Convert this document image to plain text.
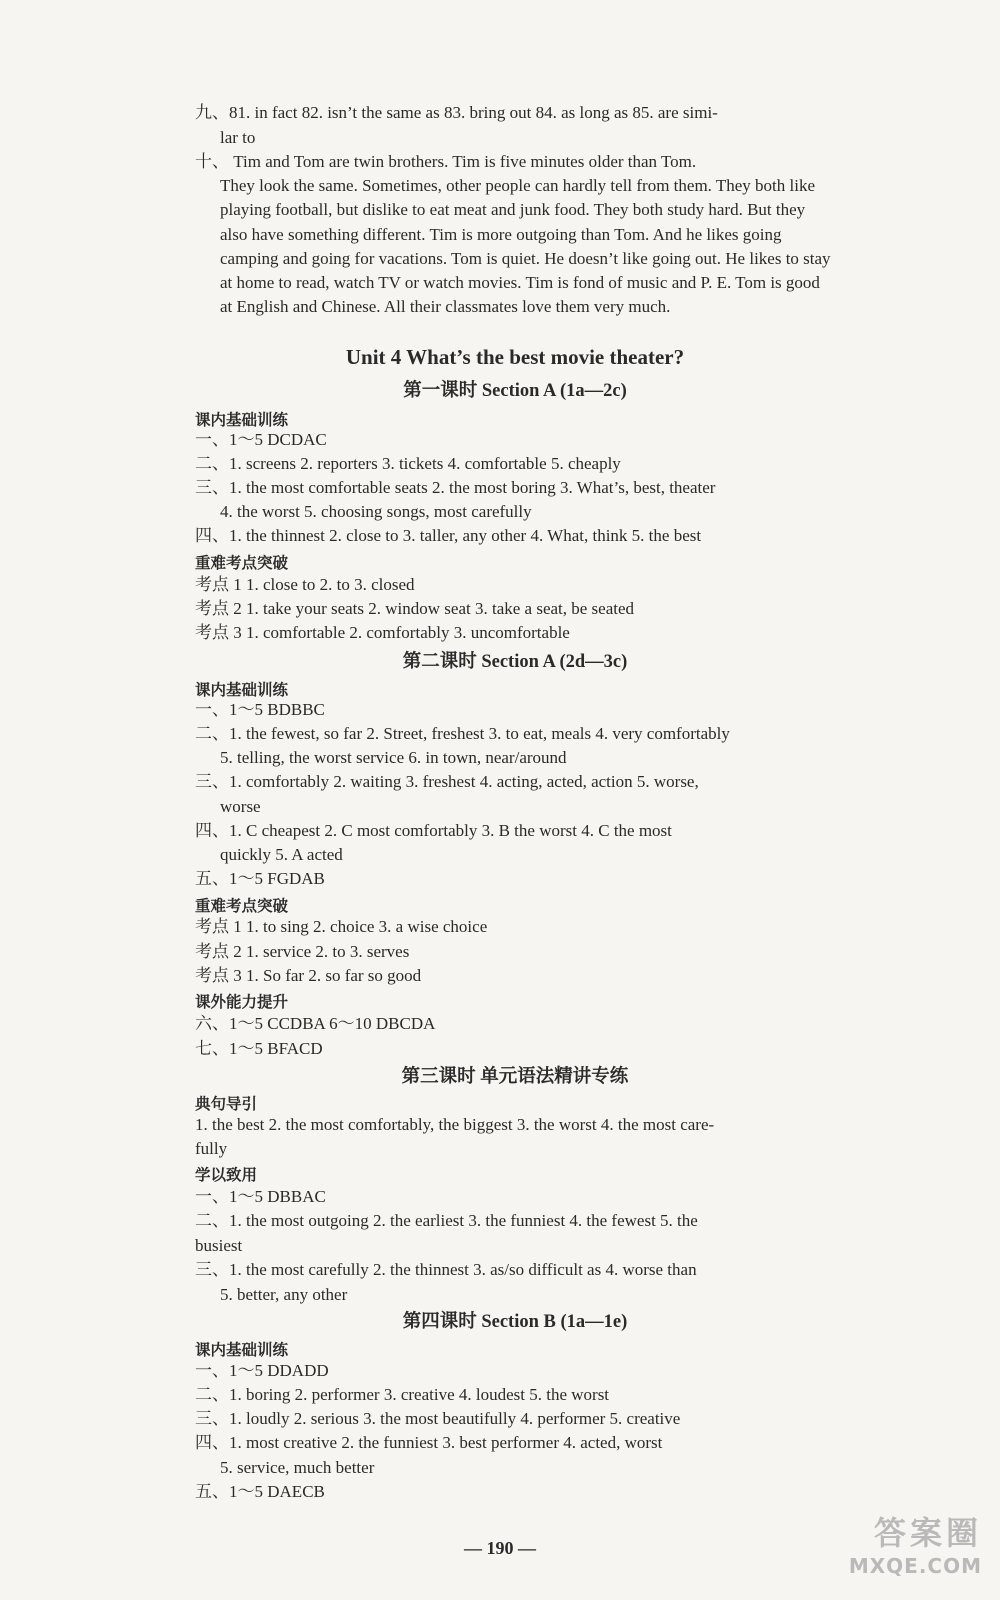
九、81. in fact 82. isn’t the same as 83. bring out 84. as long as 85. are simi-
lar to
十、 Tim and Tom are twin brothers. Tim is five minutes older than Tom.
They look the same. Sometimes, other people can hardly tell from them. They both like playing football, but dislike to eat meat and junk food. They both study hard. But they also have something different. Tim is more outgoing than Tom. And he likes going camping and going for vacations. Tom is quiet. He doesn’t like going out. He likes to stay at home to read, watch TV or watch movies. Tim is fond of music and P. E. Tom is good at English and Chinese. All their classmates love them very much.
Unit 4 What’s the best movie theater?
第一课时 Section A (1a—2c)
课内基础训练
一、1～5 DCDAC
二、1. screens 2. reporters 3. tickets 4. comfortable 5. cheaply
三、1. the most comfortable seats 2. the most boring 3. What’s, best, theater
4. the worst 5. choosing songs, most carefully
四、1. the thinnest 2. close to 3. taller, any other 4. What, think 5. the best
重难考点突破
考点 1 1. close to 2. to 3. closed
考点 2 1. take your seats 2. window seat 3. take a seat, be seated
考点 3 1. comfortable 2. comfortably 3. uncomfortable
第二课时 Section A (2d—3c)
课内基础训练
一、1～5 BDBBC
二、1. the fewest, so far 2. Street, freshest 3. to eat, meals 4. very comfortably
5. telling, the worst service 6. in town, near/around
三、1. comfortably 2. waiting 3. freshest 4. acting, acted, action 5. worse,
worse
四、1. C cheapest 2. C most comfortably 3. B the worst 4. C the most
quickly 5. A acted
五、1～5 FGDAB
重难考点突破
考点 1 1. to sing 2. choice 3. a wise choice
考点 2 1. service 2. to 3. serves
考点 3 1. So far 2. so far so good
课外能力提升
六、1～5 CCDBA 6～10 DBCDA
七、1～5 BFACD
第三课时 单元语法精讲专练
典句导引
1. the best 2. the most comfortably, the biggest 3. the worst 4. the most care-
fully
学以致用
一、1～5 DBBAC
二、1. the most outgoing 2. the earliest 3. the funniest 4. the fewest 5. the
busiest
三、1. the most carefully 2. the thinnest 3. as/so difficult as 4. worse than
5. better, any other
第四课时 Section B (1a—1e)
课内基础训练
一、1～5 DDADD
二、1. boring 2. performer 3. creative 4. loudest 5. the worst
三、1. loudly 2. serious 3. the most beautifully 4. performer 5. creative
四、1. most creative 2. the funniest 3. best performer 4. acted, worst
5. service, much better
五、1～5 DAECB
— 190 —	答案圈
MXQE.COM
